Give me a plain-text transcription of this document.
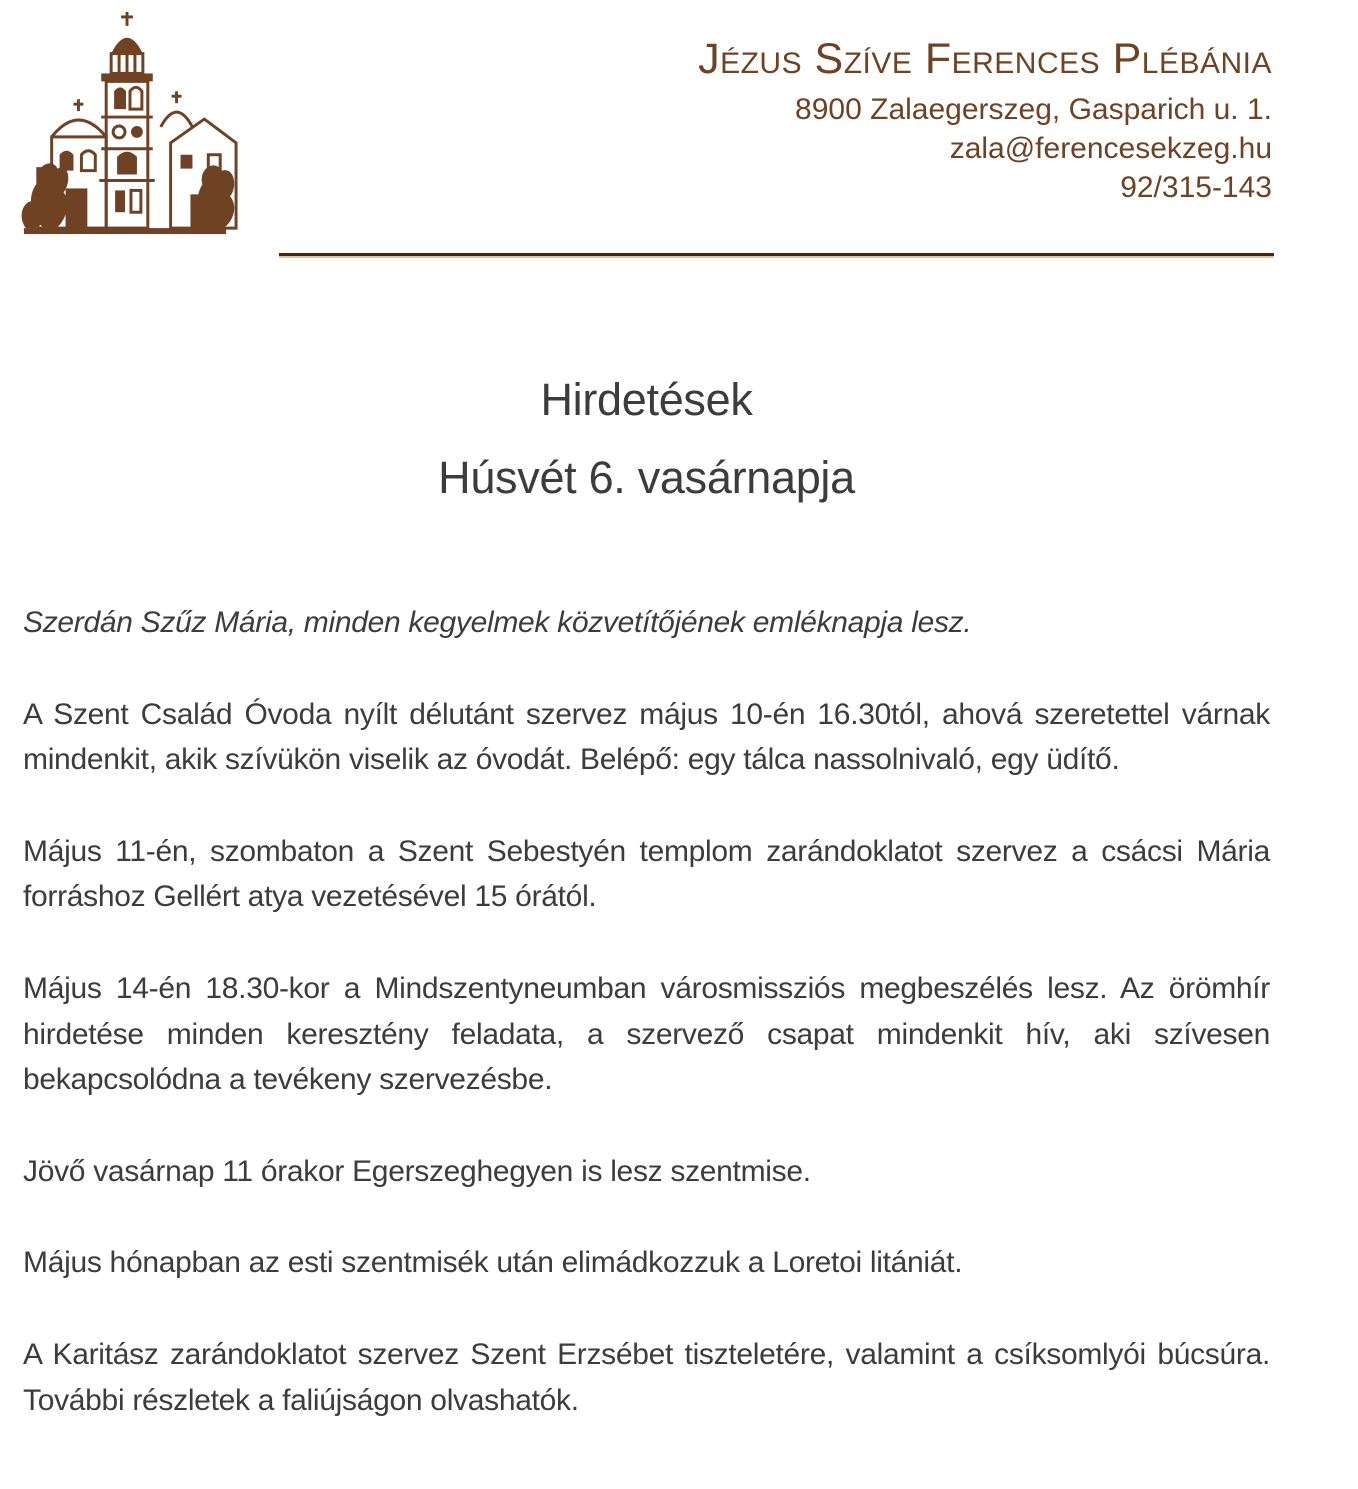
Jézus Szíve Ferences Plébánia
8900 Zalaegerszeg, Gasparich u. 1.
zala@ferencesekzeg.hu
92/315-143
Hirdetések
Húsvét 6. vasárnapja

Szerdán Szűz Mária, minden kegyelmek közvetítőjének emléknapja lesz.

A Szent Család Óvoda nyílt délutánt szervez május 10-én 16.30tól, ahová szeretettel várnak mindenkit, akik szívükön viselik az óvodát. Belépő: egy tálca nassolnivaló, egy üdítő.

Május 11-én, szombaton a Szent Sebestyén templom zarándoklatot szervez a csácsi Mária forráshoz Gellért atya vezetésével 15 órától.

Május 14-én 18.30-kor a Mindszentyneumban városmissziós megbeszélés lesz. Az örömhír hirdetése minden keresztény feladata, a szervező csapat mindenkit hív, aki szívesen bekapcsolódna a tevékeny szervezésbe.

Jövő vasárnap 11 órakor Egerszeghegyen is lesz szentmise.

Május hónapban az esti szentmisék után elimádkozzuk a Loretoi litániát.

A Karitász zarándoklatot szervez Szent Erzsébet tiszteletére, valamint a csíksomlyói búcsúra. További részletek a faliújságon olvashatók.
